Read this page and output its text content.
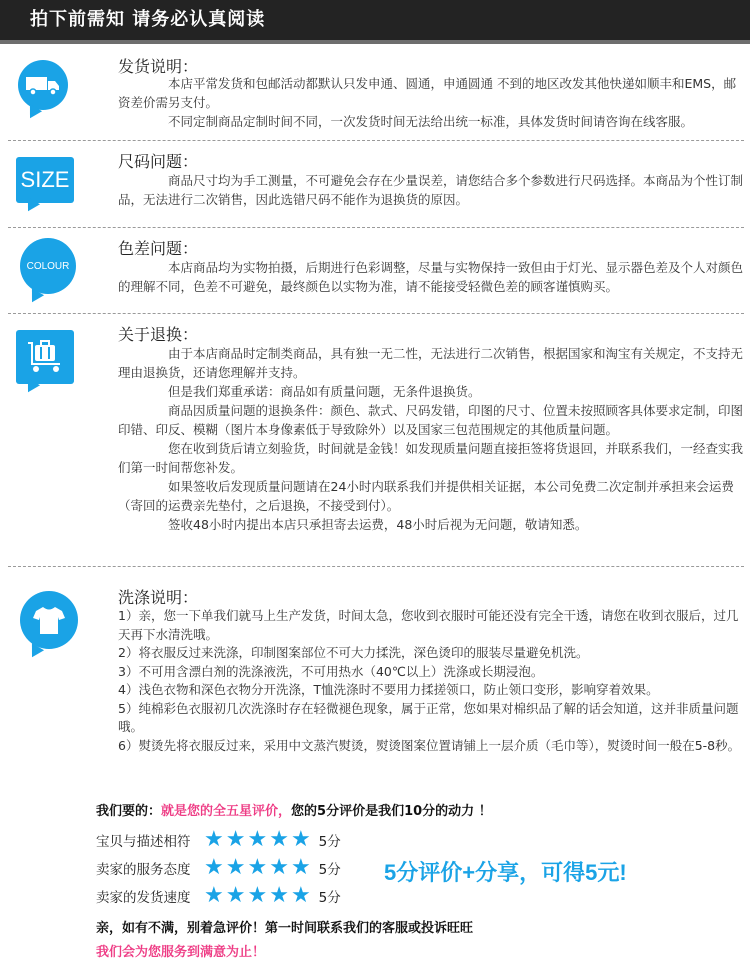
拍下前需知 请务必认真阅读
发货说明：

本店平常发货和包邮活动都默认只发申通、圆通，申通圆通 不到的地区改发其他快递如顺丰和EMS，邮资差价需另支付。

不同定制商品定制时间不同，一次发货时间无法给出统一标准，具体发货时间请咨询在线客服。

SIZE
尺码问题：

商品尺寸均为手工测量，不可避免会存在少量误差，请您结合多个参数进行尺码选择。本商品为个性订制品，无法进行二次销售，因此选错尺码不能作为退换货的原因。

COLOUR
色差问题：

本店商品均为实物拍摄，后期进行色彩调整，尽量与实物保持一致但由于灯光、显示器色差及个人对颜色的理解不同，色差不可避免，最终颜色以实物为准，请不能接受轻微色差的顾客谨慎购买。

关于退换：

由于本店商品时定制类商品，具有独一无二性，无法进行二次销售，根据国家和淘宝有关规定，不支持无理由退换货，还请您理解并支持。

但是我们郑重承诺：商品如有质量问题，无条件退换货。

商品因质量问题的退换条件：颜色、款式、尺码发错，印图的尺寸、位置未按照顾客具体要求定制，印图印错、印反、模糊（图片本身像素低于导致除外）以及国家三包范围规定的其他质量问题。

您在收到货后请立刻验货，时间就是金钱！如发现质量问题直接拒签将货退回，并联系我们，一经查实我们第一时间帮您补发。

如果签收后发现质量问题请在24小时内联系我们并提供相关证据，本公司免费二次定制并承担来会运费（寄回的运费亲先垫付，之后退换，不接受到付）。

签收48小时内提出本店只承担寄去运费，48小时后视为无问题，敬请知悉。

洗涤说明：

1）亲，您一下单我们就马上生产发货，时间太急，您收到衣服时可能还没有完全干透，请您在收到衣服后，过几天再下水清洗哦。

2）将衣服反过来洗涤，印制图案部位不可大力揉洗，深色烫印的服装尽量避免机洗。

3）不可用含漂白剂的洗涤液洗，不可用热水（40℃以上）洗涤或长期浸泡。

4）浅色衣物和深色衣物分开洗涤，T恤洗涤时不要用力揉搓领口，防止领口变形，影响穿着效果。

5）纯棉彩色衣服初几次洗涤时存在轻微褪色现象，属于正常，您如果对棉织品了解的话会知道，这并非质量问题哦。

6）熨烫先将衣服反过来，采用中文蒸汽熨烫，熨烫图案位置请铺上一层介质（毛巾等），熨烫时间一般在5-8秒。

我们要的：就是您的全五星评价，您的5分评价是我们10分的动力 ！
宝贝与描述相符 ★ ★ ★ ★ ★ 5分
卖家的服务态度 ★ ★ ★ ★ ★ 5分
卖家的发货速度 ★ ★ ★ ★ ★ 5分
5分评价+分享，可得5元!
亲，如有不满，别着急评价！第一时间联系我们的客服或投诉旺旺
我们会为您服务到满意为止！
